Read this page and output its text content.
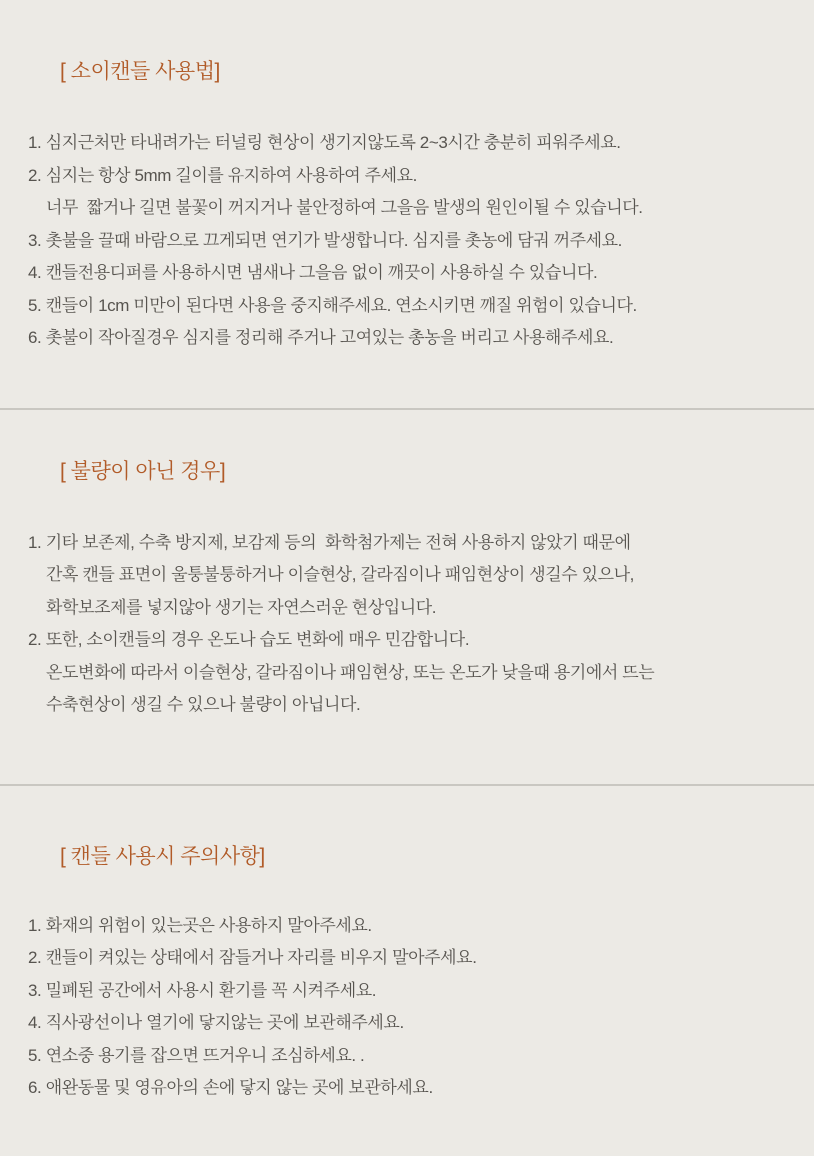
[ 소이캔들 사용법]
1. 심지근처만 타내려가는 터널링 현상이 생기지않도록 2~3시간 충분히 피워주세요.
2. 심지는 항상 5mm 길이를 유지하여 사용하여 주세요.
너무  짧거나 길면 불꽃이 꺼지거나 불안정하여 그을음 발생의 원인이될 수 있습니다.
3. 촛불을 끌때 바람으로 끄게되면 연기가 발생합니다. 심지를 촛농에 담궈 꺼주세요.
4. 캔들전용디퍼를 사용하시면 냄새나 그을음 없이 깨끗이 사용하실 수 있습니다.
5. 캔들이 1cm 미만이 된다면 사용을 중지해주세요. 연소시키면 깨질 위험이 있습니다.
6. 촛불이 작아질경우 심지를 정리해 주거나 고여있는 총농을 버리고 사용해주세요.
[ 불량이 아닌 경우]
1. 기타 보존제, 수축 방지제, 보감제 등의  화학첨가제는 전혀 사용하지 않았기 때문에
간혹 캔들 표면이 울퉁불퉁하거나 이슬현상, 갈라짐이나 패임현상이 생길수 있으나,
화학보조제를 넣지않아 생기는 자연스러운 현상입니다.
2. 또한, 소이캔들의 경우 온도나 습도 변화에 매우 민감합니다.
온도변화에 따라서 이슬현상, 갈라짐이나 패임현상, 또는 온도가 낮을때 용기에서 뜨는
수축현상이 생길 수 있으나 불량이 아닙니다.
[ 캔들 사용시 주의사항]
1. 화재의 위험이 있는곳은 사용하지 말아주세요.
2. 캔들이 켜있는 상태에서 잠들거나 자리를 비우지 말아주세요.
3. 밀폐된 공간에서 사용시 환기를 꼭 시켜주세요.
4. 직사광선이나 열기에 닿지않는 곳에 보관해주세요.
5. 연소중 용기를 잡으면 뜨거우니 조심하세요. .
6. 애완동물 및 영유아의 손에 닿지 않는 곳에 보관하세요.
